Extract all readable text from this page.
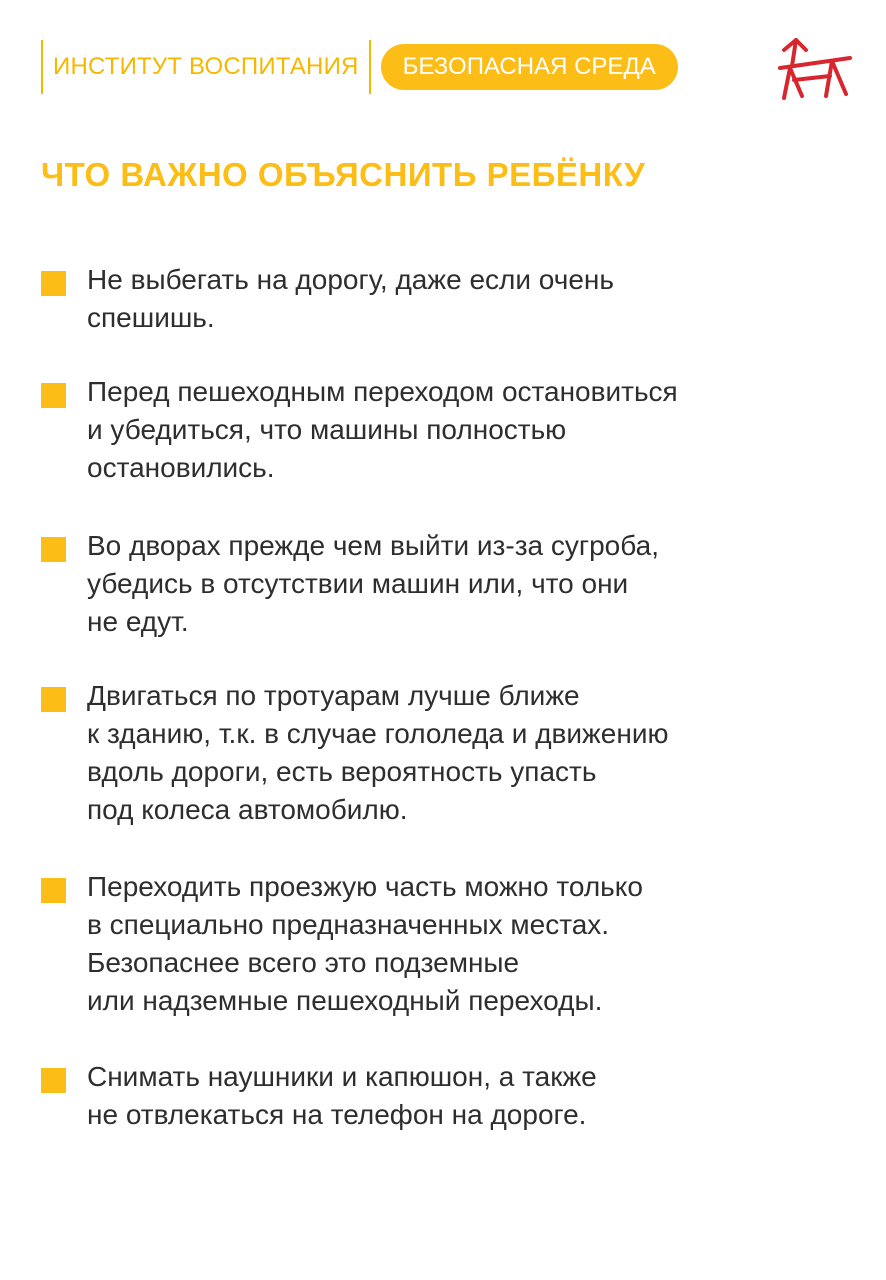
ИНСТИТУТ ВОСПИТАНИЯ	БЕЗОПАСНАЯ СРЕДА
ЧТО ВАЖНО ОБЪЯСНИТЬ РЕБЁНКУ
Не выбегать на дорогу, даже если очень
спешишь.
Перед пешеходным переходом остановиться
и убедиться, что машины полностью
остановились.
Во дворах прежде чем выйти из-за сугроба,
убедись в отсутствии машин или, что они
не едут.
Двигаться по тротуарам лучше ближе
к зданию, т.к. в случае гололеда и движению
вдоль дороги, есть вероятность упасть
под колеса автомобилю.
Переходить проезжую часть можно только
в специально предназначенных местах.
Безопаснее всего это подземные
или надземные пешеходный переходы.
Снимать наушники и капюшон, а также
не отвлекаться на телефон на дороге.
